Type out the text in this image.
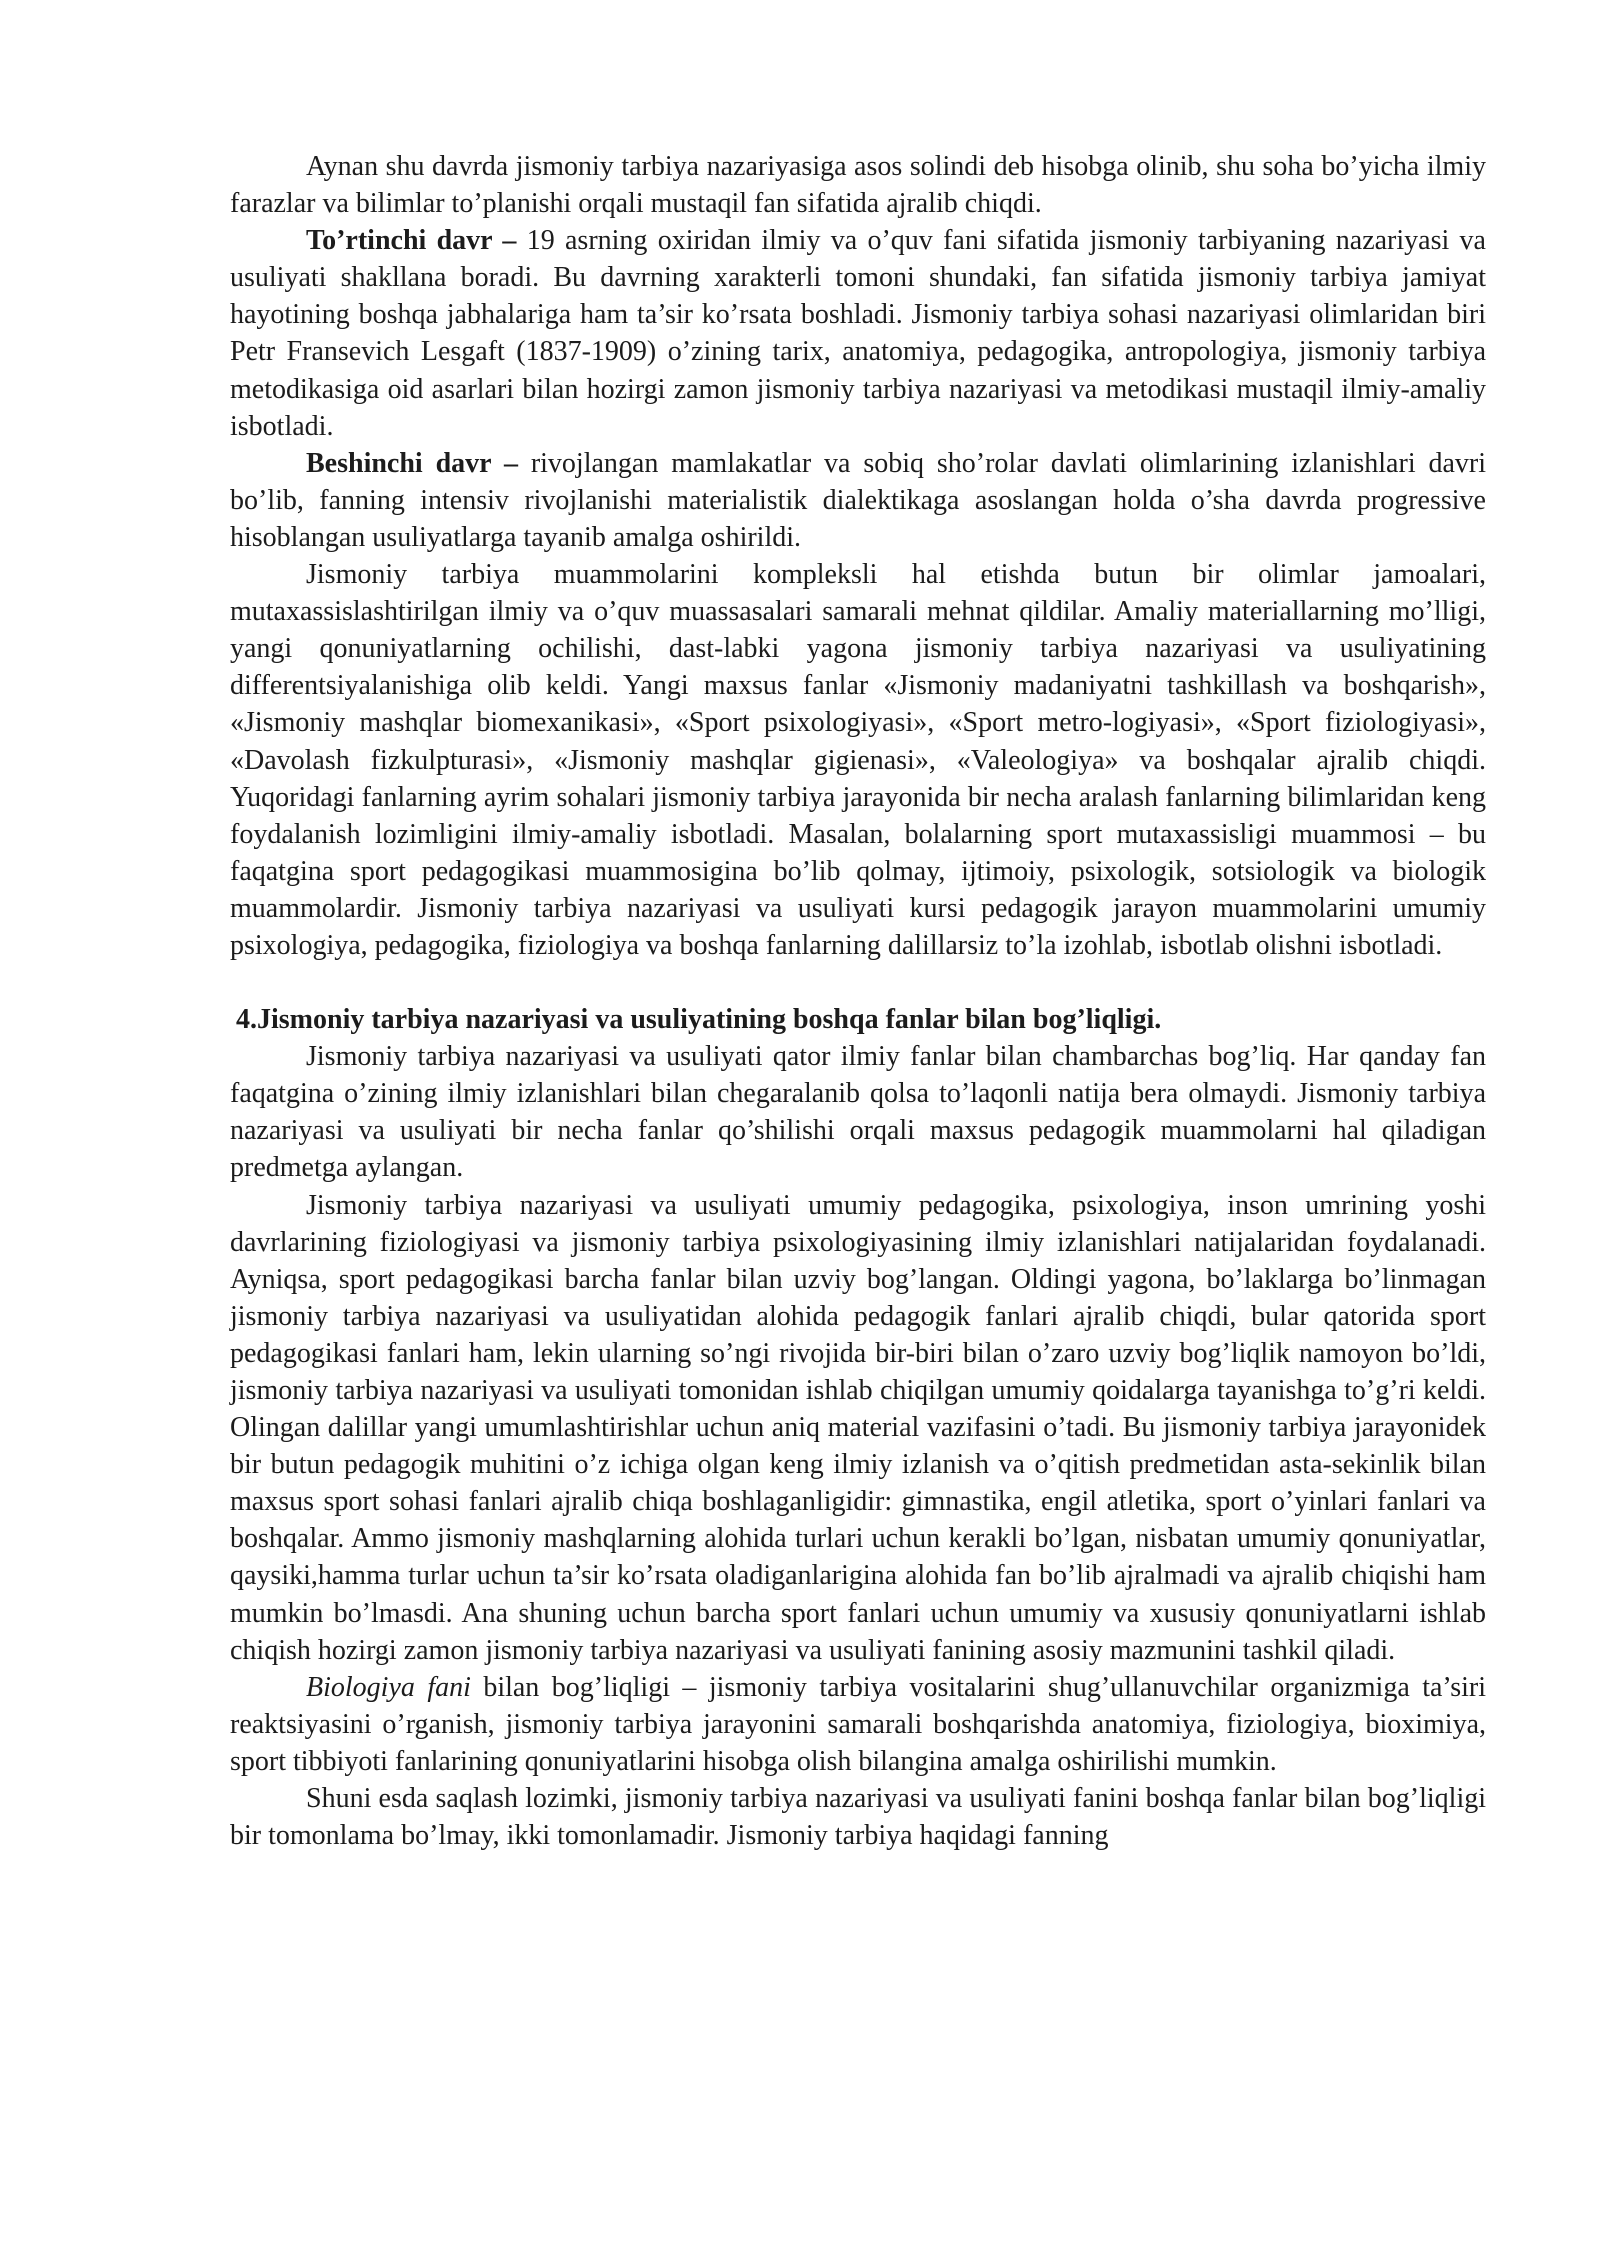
Aynan shu davrda jismoniy tarbiya nazariyasiga asos solindi deb hisobga olinib, shu soha bo’yicha ilmiy farazlar va bilimlar to’planishi orqali mustaqil fan sifatida ajralib chiqdi.

To’rtinchi davr – 19 asrning oxiridan ilmiy va o’quv fani sifatida jismoniy tarbiyaning nazariyasi va usuliyati shakllana boradi. Bu davrning xarakterli tomoni shundaki, fan sifatida jismoniy tarbiya jamiyat hayotining boshqa jabhalariga ham ta’sir ko’rsata boshladi. Jismoniy tarbiya sohasi nazariyasi olimlaridan biri Petr Fransevich Lesgaft (1837-1909) o’zining tarix, anatomiya, pedagogika, antropologiya, jismoniy tarbiya metodikasiga oid asarlari bilan hozirgi zamon jismoniy tarbiya nazariyasi va metodikasi mustaqil ilmiy-amaliy isbotladi.

Beshinchi davr – rivojlangan mamlakatlar va sobiq sho’rolar davlati olimlarining izlanishlari davri bo’lib, fanning intensiv rivojlanishi materialistik dialektikaga asoslangan holda o’sha davrda progressive hisoblangan usuliyatlarga tayanib amalga oshirildi.

Jismoniy tarbiya muammolarini kompleksli hal etishda butun bir olimlar jamoalari, mutaxassislashtirilgan ilmiy va o’quv muassasalari samarali mehnat qildilar. Amaliy materiallarning mo’lligi, yangi qonuniyatlarning ochilishi, dast-labki yagona jismoniy tarbiya nazariyasi va usuliyatining differentsiyalanishiga olib keldi. Yangi maxsus fanlar «Jismoniy madaniyatni tashkillash va boshqarish», «Jismoniy mashqlar biomexanikasi», «Sport psixologiyasi», «Sport metro-logiyasi», «Sport fiziologiyasi», «Davolash fizkulpturasi», «Jismoniy mashqlar gigienasi», «Valeologiya» va boshqalar ajralib chiqdi. Yuqoridagi fanlarning ayrim sohalari jismoniy tarbiya jarayonida bir necha aralash fanlarning bilimlaridan keng foydalanish lozimligini ilmiy-amaliy isbotladi. Masalan, bolalarning sport mutaxassisligi muammosi – bu faqatgina sport pedagogikasi muammosigina bo’lib qolmay, ijtimoiy, psixologik, sotsiologik va biologik muammolardir. Jismoniy tarbiya nazariyasi va usuliyati kursi pedagogik jarayon muammolarini umumiy psixologiya, pedagogika, fiziologiya va boshqa fanlarning dalillarsiz to’la izohlab, isbotlab olishni isbotladi.

4.Jismoniy tarbiya nazariyasi va usuliyatining boshqa fanlar bilan bog’liqligi.

Jismoniy tarbiya nazariyasi va usuliyati qator ilmiy fanlar bilan chambarchas bog’liq. Har qanday fan faqatgina o’zining ilmiy izlanishlari bilan chegaralanib qolsa to’laqonli natija bera olmaydi. Jismoniy tarbiya nazariyasi va usuliyati bir necha fanlar qo’shilishi orqali maxsus pedagogik muammolarni hal qiladigan predmetga aylangan.

Jismoniy tarbiya nazariyasi va usuliyati umumiy pedagogika, psixologiya, inson umrining yoshi davrlarining fiziologiyasi va jismoniy tarbiya psixologiyasining ilmiy izlanishlari natijalaridan foydalanadi. Ayniqsa, sport pedagogikasi barcha fanlar bilan uzviy bog’langan. Oldingi yagona, bo’laklarga bo’linmagan jismoniy tarbiya nazariyasi va usuliyatidan alohida pedagogik fanlari ajralib chiqdi, bular qatorida sport pedagogikasi fanlari ham, lekin ularning so’ngi rivojida bir-biri bilan o’zaro uzviy bog’liqlik namoyon bo’ldi, jismoniy tarbiya nazariyasi va usuliyati tomonidan ishlab chiqilgan umumiy qoidalarga tayanishga to’g’ri keldi. Olingan dalillar yangi umumlashtirishlar uchun aniq material vazifasini o’tadi. Bu jismoniy tarbiya jarayonidek bir butun pedagogik muhitini o’z ichiga olgan keng ilmiy izlanish va o’qitish predmetidan asta-sekinlik bilan maxsus sport sohasi fanlari ajralib chiqa boshlaganligidir: gimnastika, engil atletika, sport o’yinlari fanlari va boshqalar. Ammo jismoniy mashqlarning alohida turlari uchun kerakli bo’lgan, nisbatan umumiy qonuniyatlar, qaysiki,hamma turlar uchun ta’sir ko’rsata oladiganlarigina alohida fan bo’lib ajralmadi va ajralib chiqishi ham mumkin bo’lmasdi. Ana shuning uchun barcha sport fanlari uchun umumiy va xususiy qonuniyatlarni ishlab chiqish hozirgi zamon jismoniy tarbiya nazariyasi va usuliyati fanining asosiy mazmunini tashkil qiladi.

Biologiya fani bilan bog’liqligi – jismoniy tarbiya vositalarini shug’ullanuvchilar organizmiga ta’siri reaktsiyasini o’rganish, jismoniy tarbiya jarayonini samarali boshqarishda anatomiya, fiziologiya, bioximiya, sport tibbiyoti fanlarining qonuniyatlarini hisobga olish bilangina amalga oshirilishi mumkin.

Shuni esda saqlash lozimki, jismoniy tarbiya nazariyasi va usuliyati fanini boshqa fanlar bilan bog’liqligi bir tomonlama bo’lmay, ikki tomonlamadir. Jismoniy tarbiya haqidagi fanning
